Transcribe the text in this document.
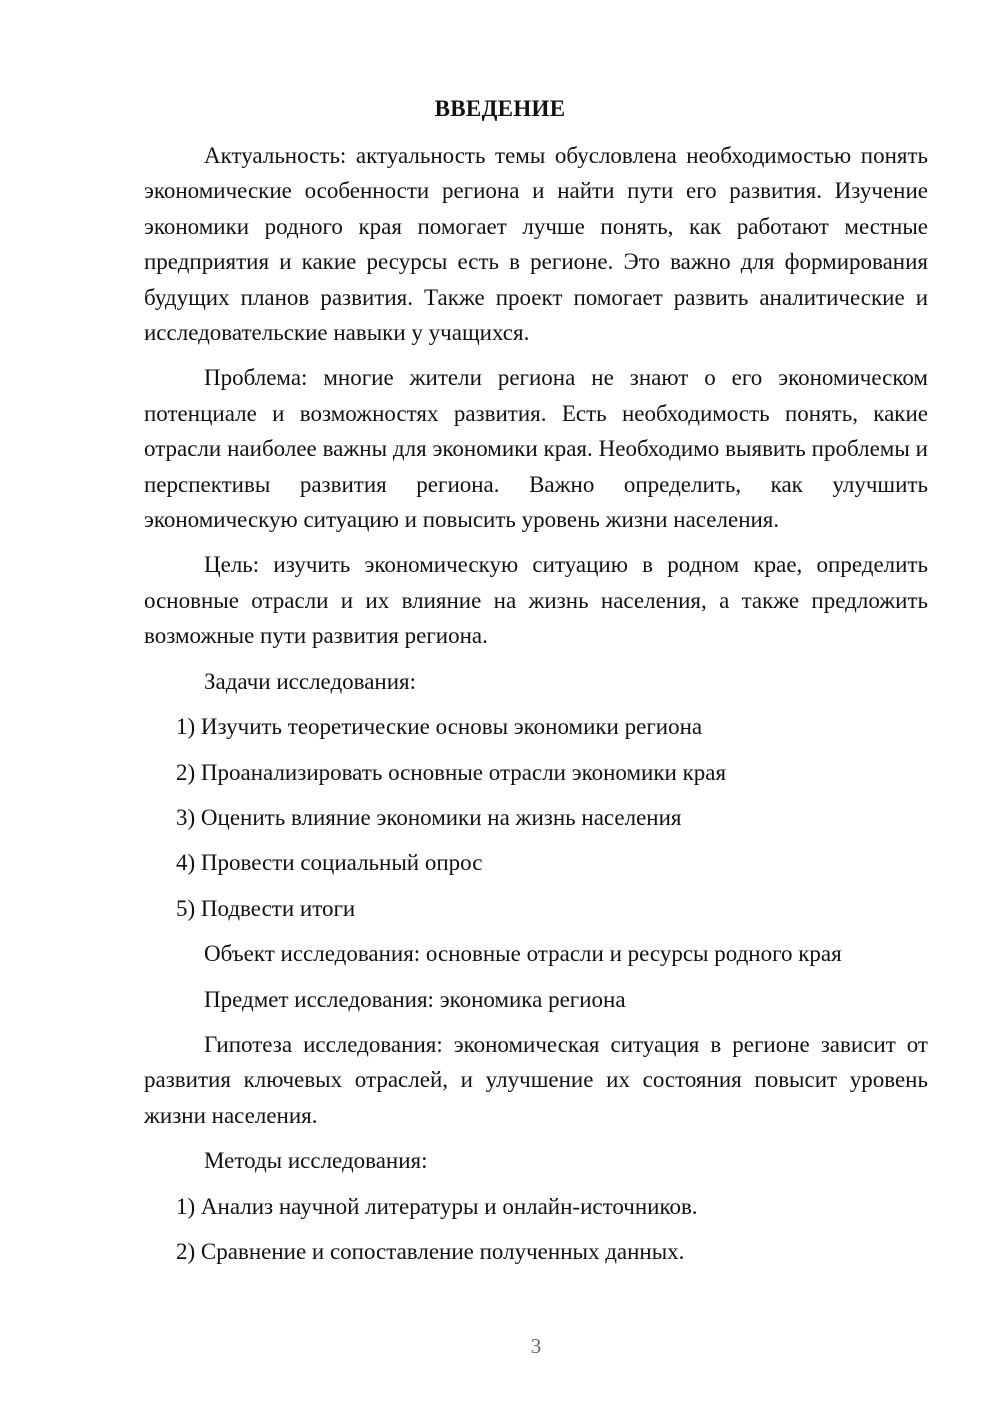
ВВЕДЕНИЕ

Актуальность: актуальность темы обусловлена необходимостью понять экономические особенности региона и найти пути его развития. Изучение экономики родного края помогает лучше понять, как работают местные предприятия и какие ресурсы есть в регионе. Это важно для формирования будущих планов развития. Также проект помогает развить аналитические и исследовательские навыки у учащихся.

Проблема: многие жители региона не знают о его экономическом потенциале и возможностях развития. Есть необходимость понять, какие отрасли наиболее важны для экономики края. Необходимо выявить проблемы и перспективы развития региона. Важно определить, как улучшить экономическую ситуацию и повысить уровень жизни населения.

Цель: изучить экономическую ситуацию в родном крае, определить основные отрасли и их влияние на жизнь населения, а также предложить возможные пути развития региона.

Задачи исследования:

1) Изучить теоретические основы экономики региона

2) Проанализировать основные отрасли экономики края

3) Оценить влияние экономики на жизнь населения

4) Провести социальный опрос

5) Подвести итоги

Объект исследования: основные отрасли и ресурсы родного края

Предмет исследования: экономика региона

Гипотеза исследования: экономическая ситуация в регионе зависит от развития ключевых отраслей, и улучшение их состояния повысит уровень жизни населения.

Методы исследования:

1) Анализ научной литературы и онлайн-источников.

2) Сравнение и сопоставление полученных данных.

3
